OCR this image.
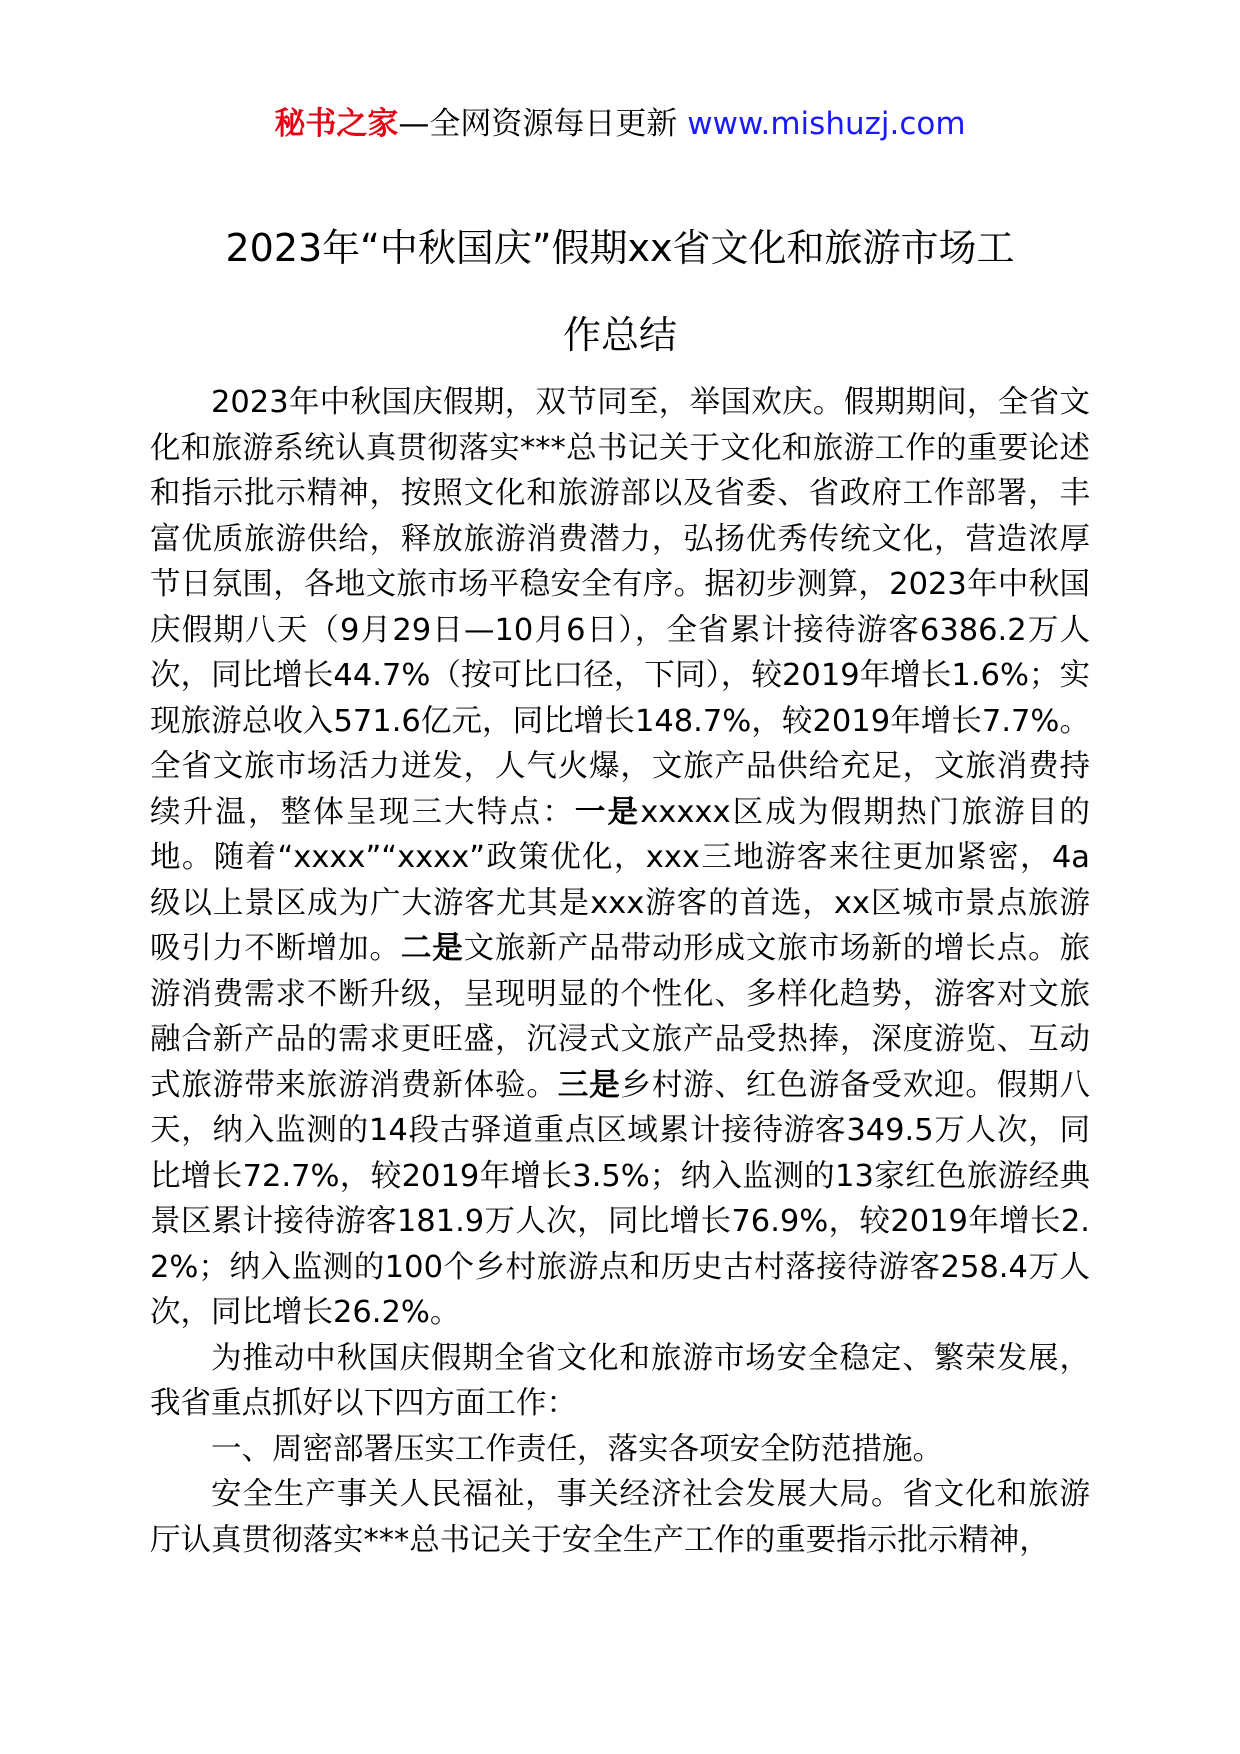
秘书之家—全网资源每日更新 www.mishuzj.com
2023年“中秋国庆”假期xx省文化和旅游市场工
作总结

2023年中秋国庆假期，双节同至，举国欢庆。假期期间，全省文化和旅游系统认真贯彻落实***总书记关于文化和旅游工作的重要论述和指示批示精神，按照文化和旅游部以及省委、省政府工作部署，丰富优质旅游供给，释放旅游消费潜力，弘扬优秀传统文化，营造浓厚节日氛围，各地文旅市场平稳安全有序。据初步测算，2023年中秋国庆假期八天（9月29日—10月6日），全省累计接待游客6386.2万人次，同比增长44.7%（按可比口径，下同），较2019年增长1.6%；实现旅游总收入571.6亿元，同比增长148.7%，较2019年增长7.7%。全省文旅市场活力迸发，人气火爆，文旅产品供给充足，文旅消费持续升温，整体呈现三大特点：一是xxxxx区成为假期热门旅游目的地。随着“xxxx”“xxxx”政策优化，xxx三地游客来往更加紧密，4a级以上景区成为广大游客尤其是xxx游客的首选，xx区城市景点旅游吸引力不断增加。二是文旅新产品带动形成文旅市场新的增长点。旅游消费需求不断升级，呈现明显的个性化、多样化趋势，游客对文旅融合新产品的需求更旺盛，沉浸式文旅产品受热捧，深度游览、互动式旅游带来旅游消费新体验。三是乡村游、红色游备受欢迎。假期八天，纳入监测的14段古驿道重点区域累计接待游客349.5万人次，同比增长72.7%，较2019年增长3.5%；纳入监测的13家红色旅游经典景区累计接待游客181.9万人次，同比增长76.9%，较2019年增长2.2%；纳入监测的100个乡村旅游点和历史古村落接待游客258.4万人次，同比增长26.2%。

为推动中秋国庆假期全省文化和旅游市场安全稳定、繁荣发展，我省重点抓好以下四方面工作：

一、周密部署压实工作责任，落实各项安全防范措施。

安全生产事关人民福祉，事关经济社会发展大局。省文化和旅游厅认真贯彻落实***总书记关于安全生产工作的重要指示批示精神，
